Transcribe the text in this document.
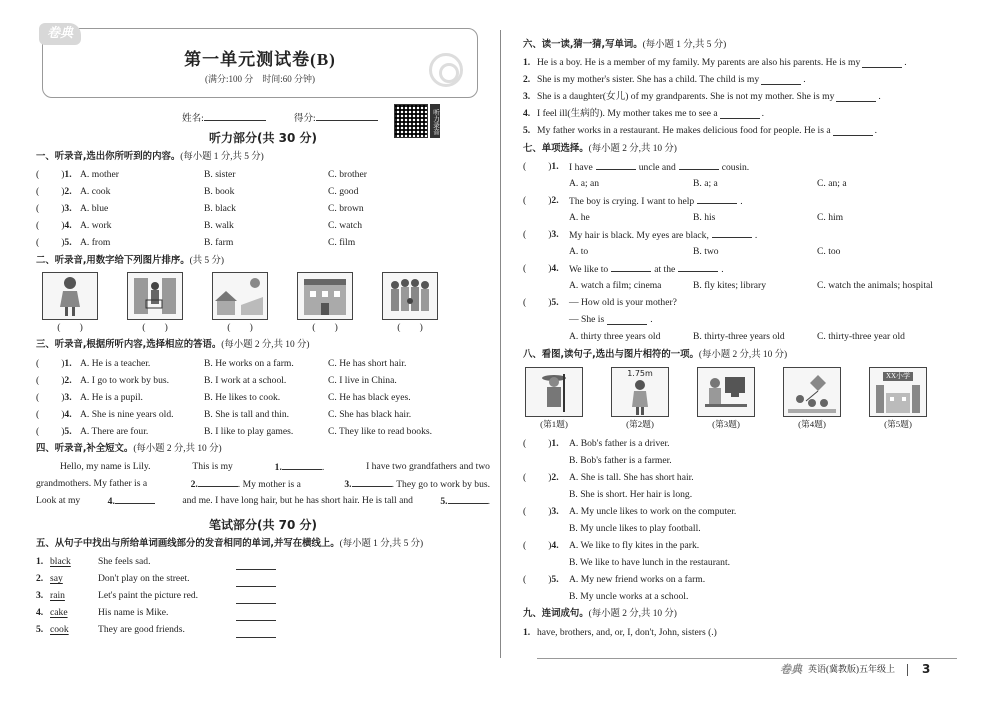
卷典
第一单元测试卷(B)
(满分:100 分　时间:60 分钟)
姓名:	得分:
听力部分(共 30 分)
一、听录音,选出你所听到的内容。(每小题 1 分,共 5 分)
( )1. A. mother	B. sister	C. brother
( )2. A. cook	B. book	C. good
( )3. A. blue	B. black	C. brown
( )4. A. work	B. walk	C. watch
( )5. A. from	B. farm	C. film
二、听录音,用数字给下列图片排序。(共 5 分)
(　　)	(　　)	(　　)	(　　)	(　　)
三、听录音,根据所听内容,选择相应的答语。(每小题 2 分,共 10 分)
( )1. A. He is a teacher.	B. He works on a farm.	C. He has short hair.
( )2. A. I go to work by bus.	B. I work at a school.	C. I live in China.
( )3. A. He is a pupil.	B. He likes to cook.	C. He has black eyes.
( )4. A. She is nine years old.	B. She is tall and thin.	C. She has black hair.
( )5. A. There are four.	B. I like to play games.	C. They like to read books.
四、听录音,补全短文。(每小题 2 分,共 10 分)
Hello, my name is Lily.	This is my	1.	.	I have two grandfathers and two
grandmothers. My father is a	2.	. My mother is a	3.	. They go to work by bus.
Look at my	4.	and me. I have long hair, but he has short hair. He is tall and	5.	.
笔试部分(共 70 分)
五、从句子中找出与所给单词画线部分的发音相同的单词,并写在横线上。(每小题 1 分,共 5 分)
1. black	She feels sad.
2. say	Don't play on the street.
3. rain	Let's paint the picture red.
4. cake	His name is Mike.
5. cook	They are good friends.
听力录音
六、读一读,猜一猜,写单词。(每小题 1 分,共 5 分)
1. He is a boy. He is a member of my family. My parents are also his parents. He is my	.
2. She is my mother's sister. She has a child. The child is my	.
3. She is a daughter(女儿) of my grandparents. She is not my mother. She is my	.
4. I feel ill(生病的). My mother takes me to see a	.
5. My father works in a restaurant. He makes delicious food for people. He is a	.
七、单项选择。(每小题 2 分,共 10 分)
( )1.	I have	uncle and	cousin.
A. a; an	B. a; a	C. an; a
( )2.	The boy is crying. I want to help	.
A. he	B. his	C. him
( )3.	My hair is black. My eyes are black,	.
A. to	B. two	C. too
( )4.	We like to	at the	.
A. watch a film; cinema	B. fly kites; library	C. watch the animals; hospital
( )5.	— How old is your mother?
— She is	.
A. thirty three years old	B. thirty-three years old	C. thirty-three year old
八、看图,读句子,选出与图片相符的一项。(每小题 2 分,共 10 分)
1.75m	XX小学
(第1题)	(第2题)	(第3题)	(第4题)	(第5题)
( )1.	A. Bob's father is a driver.
B. Bob's father is a farmer.
( )2.	A. She is tall. She has short hair.
B. She is short. Her hair is long.
( )3.	A. My uncle likes to work on the computer.
B. My uncle likes to play football.
( )4.	A. We like to fly kites in the park.
B. We like to have lunch in the restaurant.
( )5.	A. My new friend works on a farm.
B. My uncle works at a school.
九、连词成句。(每小题 2 分,共 10 分)
1. have, brothers, and, or, I, don't, John, sisters (.)
卷典 英语(冀教版)五年级上 3
